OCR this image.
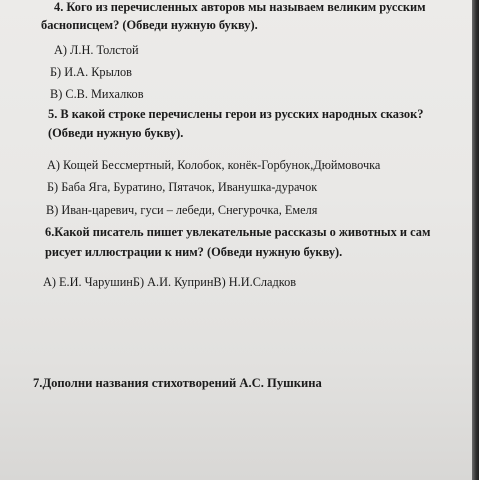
4. Кого из перечисленных авторов мы называем великим русским
баснописцем? (Обведи нужную букву).
А) Л.Н. Толстой
Б) И.А. Крылов
В) С.В. Михалков
5. В какой строке перечислены герои из русских народных сказок?
(Обведи нужную букву).
А) Кощей Бессмертный, Колобок, конёк-Горбунок,Дюймовочка
Б) Баба Яга, Буратино, Пятачок, Иванушка-дурачок
В) Иван-царевич, гуси – лебеди, Снегурочка, Емеля
6.Какой писатель пишет увлекательные рассказы о животных и сам
рисует иллюстрации к ним? (Обведи нужную букву).
А) Е.И. ЧарушинБ) А.И. КупринВ) Н.И.Сладков
7.Дополни названия стихотворений А.С. Пушкина
